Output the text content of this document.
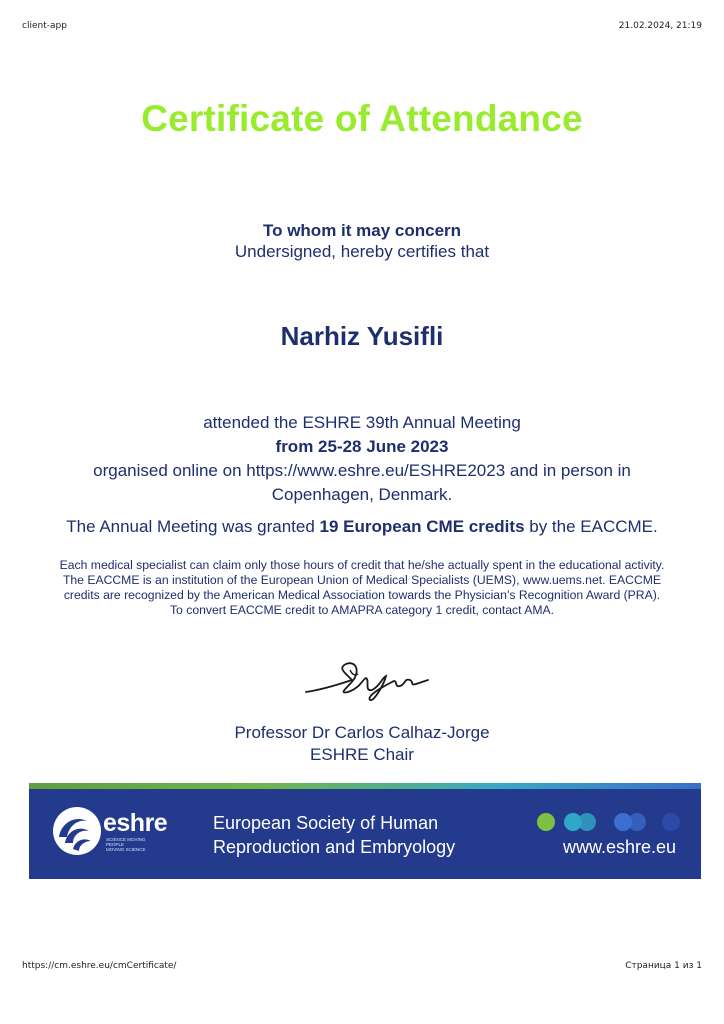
client-app	21.02.2024, 21:19
Certificate of Attendance
To whom it may concern
Undersigned, hereby certifies that
Narhiz Yusifli
attended the ESHRE 39th Annual Meeting
from 25-28 June 2023
organised online on https://www.eshre.eu/ESHRE2023 and in person in
Copenhagen, Denmark.
The Annual Meeting was granted 19 European CME credits by the EACCME.
Each medical specialist can claim only those hours of credit that he/she actually spent in the educational activity.
The EACCME is an institution of the European Union of Medical Specialists (UEMS), www.uems.net. EACCME
credits are recognized by the American Medical Association towards the Physician’s Recognition Award (PRA).
To convert EACCME credit to AMAPRA category 1 credit, contact AMA.
Professor Dr Carlos Calhaz-Jorge
ESHRE Chair
eshre
SCIENCE MOVING
PEOPLE
MOVING SCIENCE
European Society of Human
Reproduction and Embryology	www.eshre.eu
https://cm.eshre.eu/cmCertificate/	Страница 1 из 1
